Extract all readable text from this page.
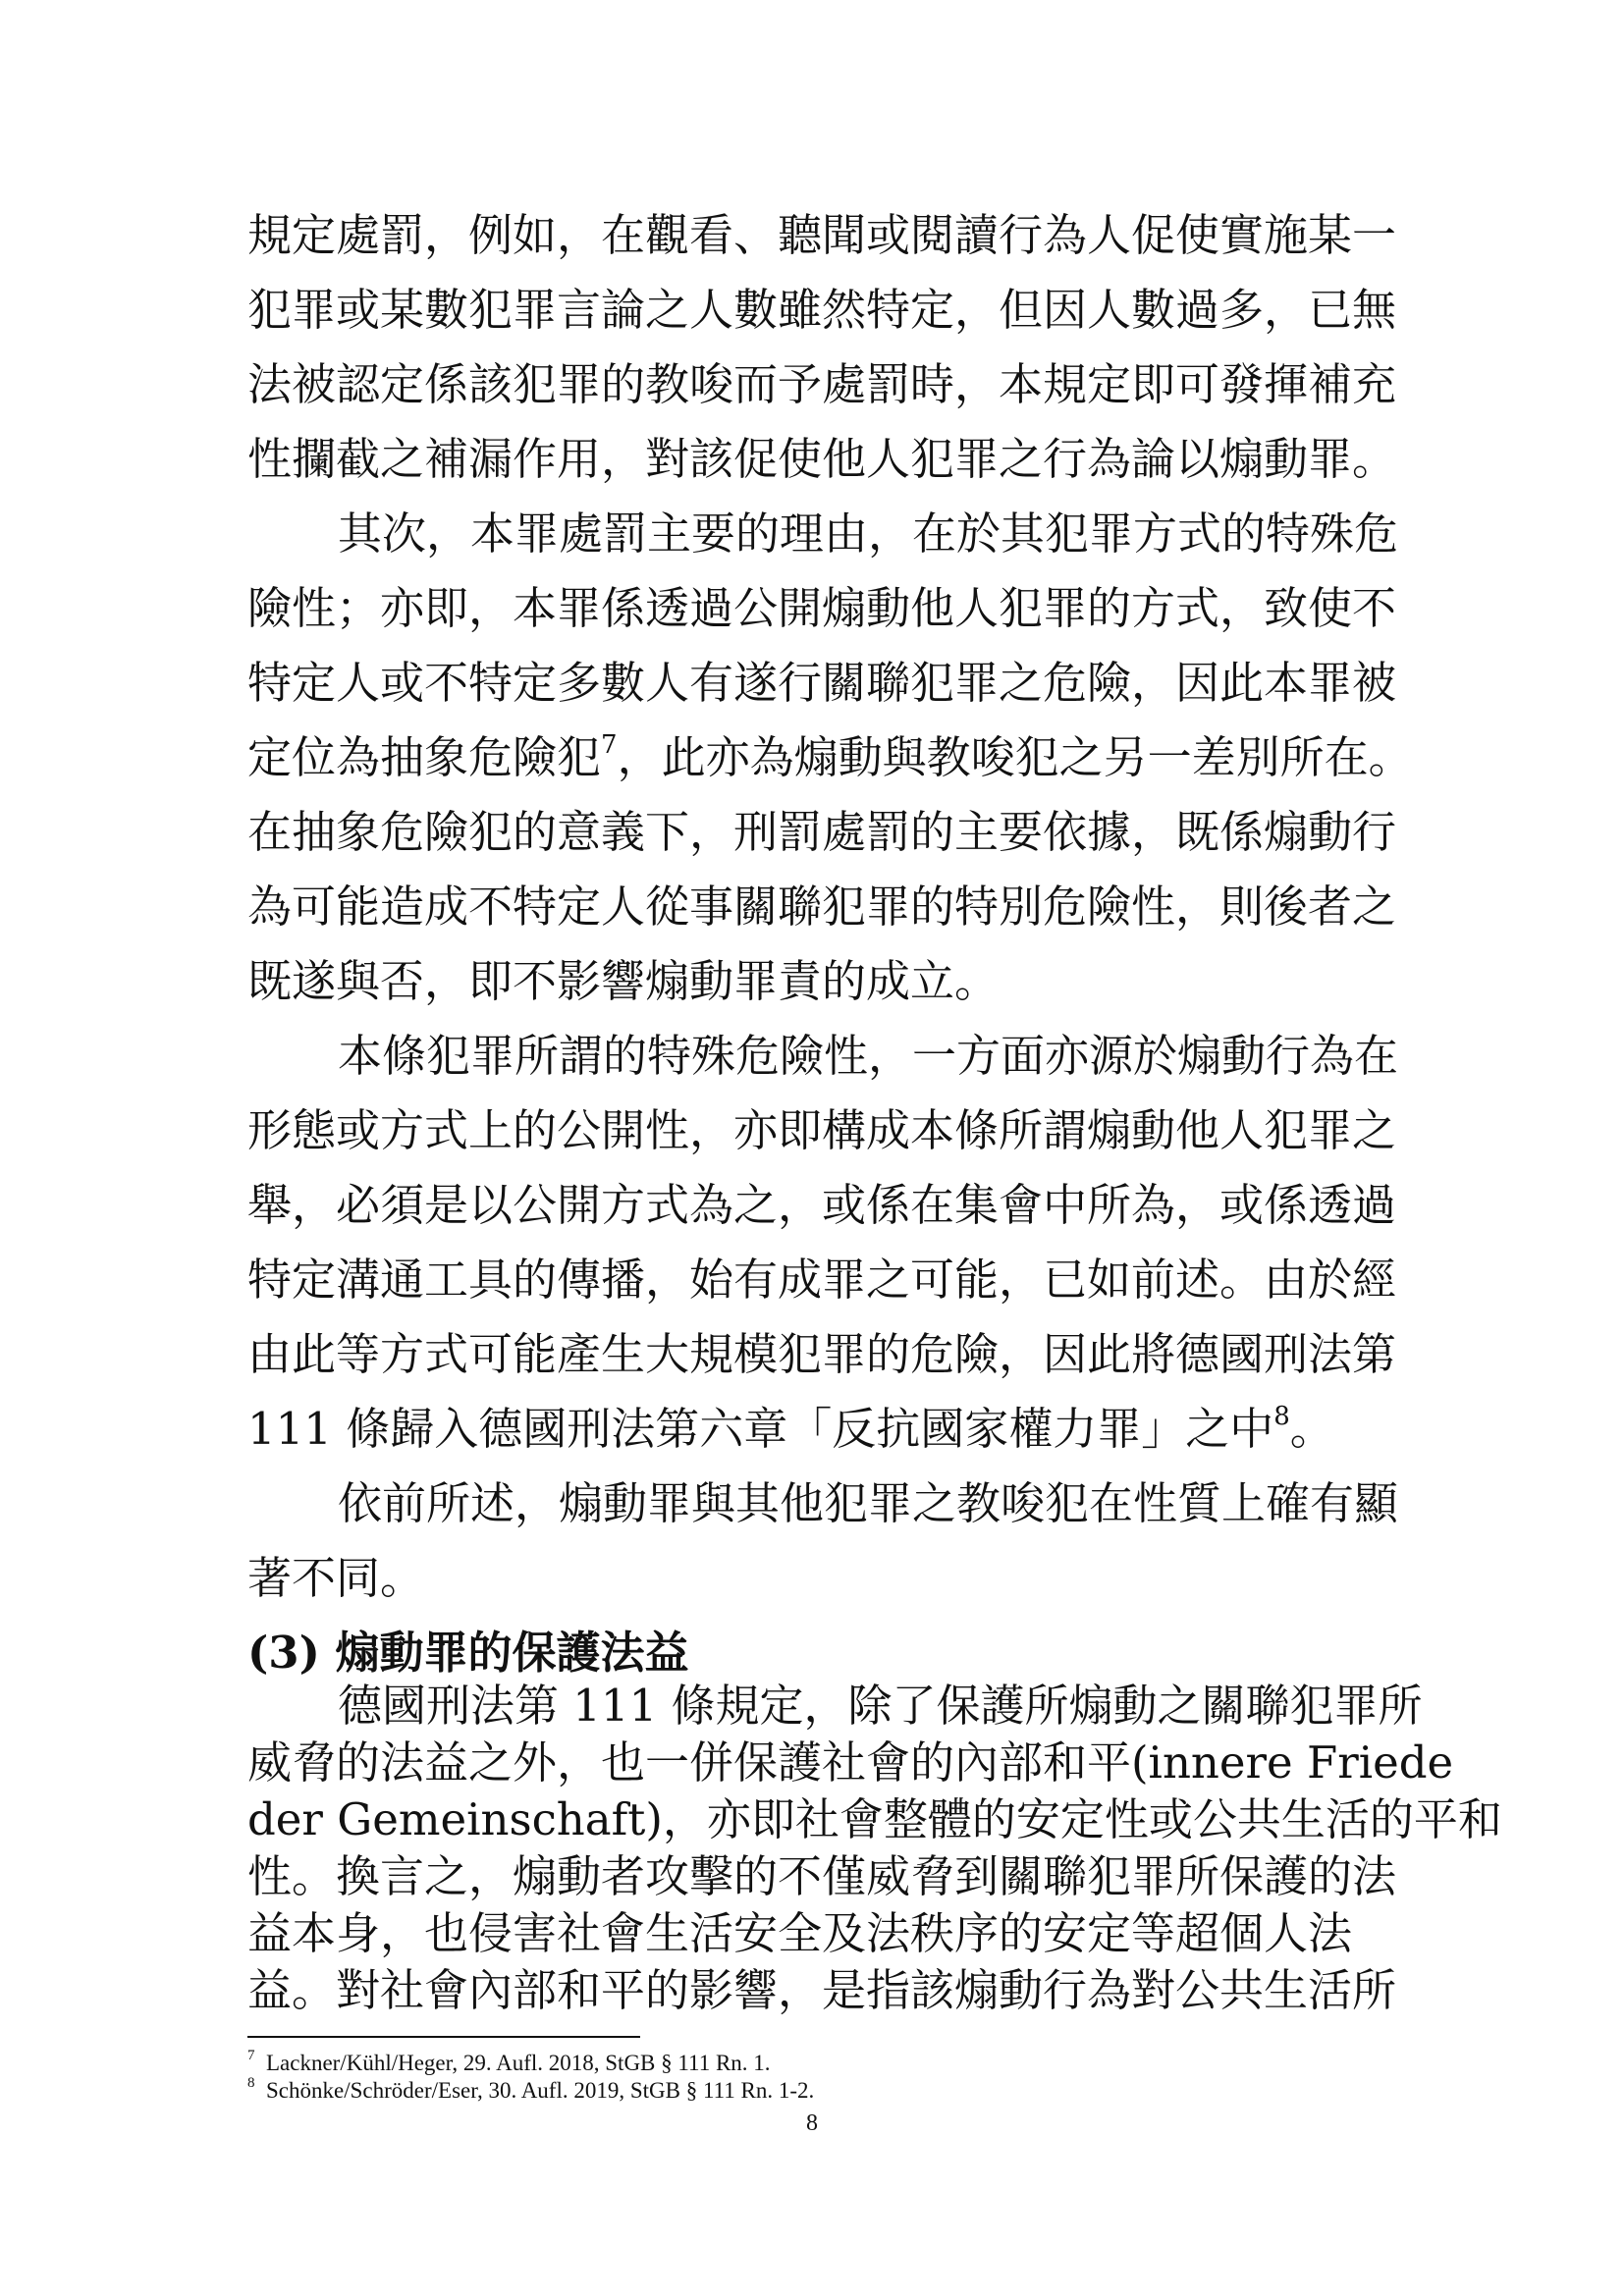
規定處罰，例如，在觀看、聽聞或閱讀行為人促使實施某一
犯罪或某數犯罪言論之人數雖然特定，但因人數過多，已無
法被認定係該犯罪的教唆而予處罰時，本規定即可發揮補充
性攔截之補漏作用，對該促使他人犯罪之行為論以煽動罪。
其次，本罪處罰主要的理由，在於其犯罪方式的特殊危
險性；亦即，本罪係透過公開煽動他人犯罪的方式，致使不
特定人或不特定多數人有遂行關聯犯罪之危險，因此本罪被
定位為抽象危險犯$^7$，此亦為煽動與教唆犯之另一差別所在。
在抽象危險犯的意義下，刑罰處罰的主要依據，既係煽動行
為可能造成不特定人從事關聯犯罪的特別危險性，則後者之
既遂與否，即不影響煽動罪責的成立。
本條犯罪所謂的特殊危險性，一方面亦源於煽動行為在
形態或方式上的公開性，亦即構成本條所謂煽動他人犯罪之
舉，必須是以公開方式為之，或係在集會中所為，或係透過
特定溝通工具的傳播，始有成罪之可能，已如前述。由於經
由此等方式可能產生大規模犯罪的危險，因此將德國刑法第
111 條歸入德國刑法第六章「反抗國家權力罪」之中$^8$。
依前所述，煽動罪與其他犯罪之教唆犯在性質上確有顯
著不同。
(3) 煽動罪的保護法益
德國刑法第 111 條規定，除了保護所煽動之關聯犯罪所
威脅的法益之外，也一併保護社會的內部和平(innere Friede
der Gemeinschaft)，亦即社會整體的安定性或公共生活的平和
性。換言之，煽動者攻擊的不僅威脅到關聯犯罪所保護的法
$^7$ Lackner/Kühl/Heger, 29. Aufl. 2018, StGB § 111 Rn. 1.
$^8$ Schönke/Schröder/Eser, 30. Aufl. 2019, StGB § 111 Rn. 1-2.
8
益本身，也侵害社會生活安全及法秩序的安定等超個人法
益。對社會內部和平的影響，是指該煽動行為對公共生活所
